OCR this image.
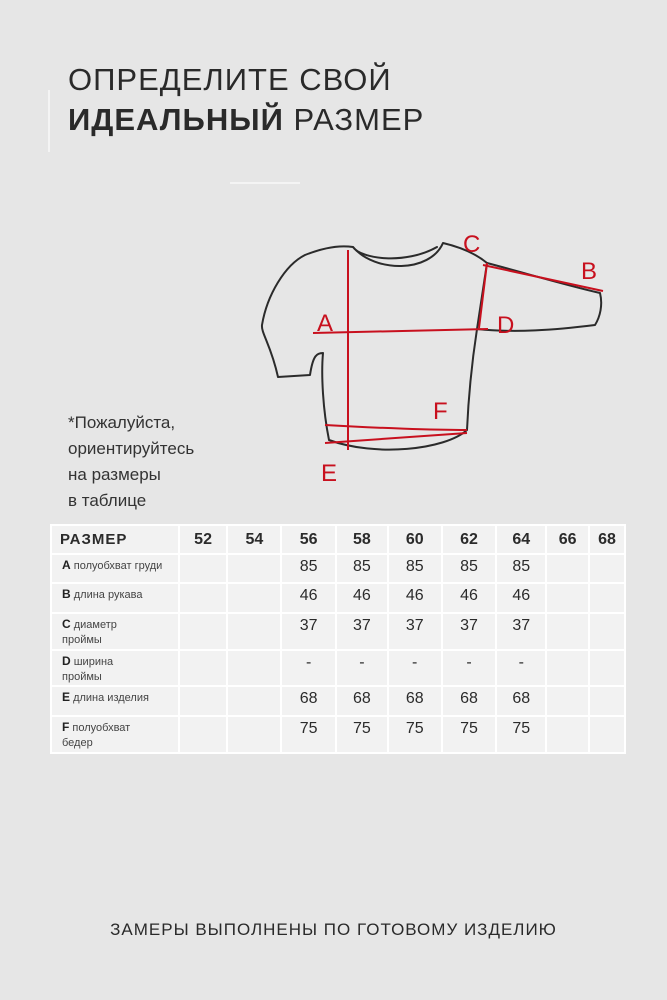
ОПРЕДЕЛИТЕ СВОЙ
ИДЕАЛЬНЫЙ РАЗМЕР
A
B
C
D
E
F
*Пожалуйста,
ориентируйтесь
на размеры
в таблице
РАЗМЕР	52	54	56	58	60	62	64	66	68
A полуобхват груди			85	85	85	85	85		
B длина рукава			46	46	46	46	46		
C диаметр
проймы			37	37	37	37	37		
D ширина
проймы			-	-	-	-	-		
E длина изделия			68	68	68	68	68		
F полуобхват
бедер			75	75	75	75	75		
ЗАМЕРЫ ВЫПОЛНЕНЫ ПО ГОТОВОМУ ИЗДЕЛИЮ
